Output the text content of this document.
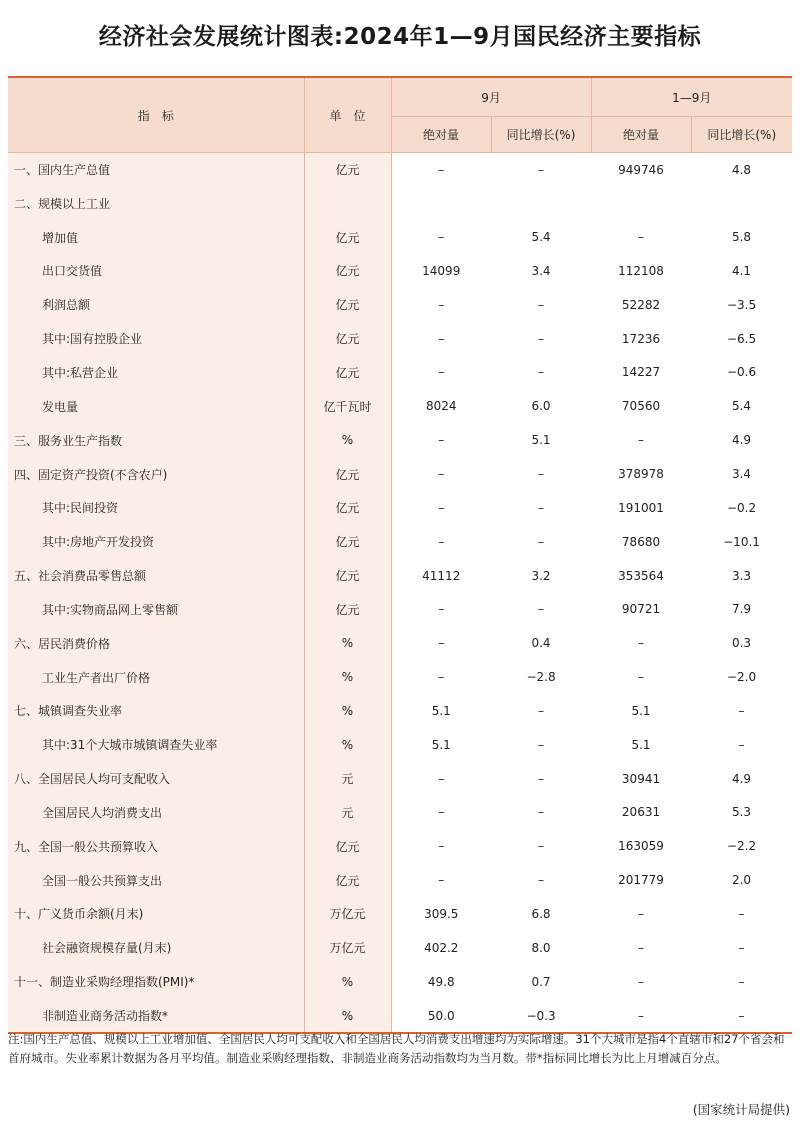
经济社会发展统计图表:2024年1—9月国民经济主要指标
指　标	单　位	9月		1—9月	
		绝对量	同比增长(%)	绝对量	同比增长(%)
一、国内生产总值	亿元	–	–	949746	4.8
二、规模以上工业					
增加值	亿元	–	5.4	–	5.8
出口交货值	亿元	14099	3.4	112108	4.1
利润总额	亿元	–	–	52282	−3.5
其中:国有控股企业	亿元	–	–	17236	−6.5
其中:私营企业	亿元	–	–	14227	−0.6
发电量	亿千瓦时	8024	6.0	70560	5.4
三、服务业生产指数	%	–	5.1	–	4.9
四、固定资产投资(不含农户)	亿元	–	–	378978	3.4
其中:民间投资	亿元	–	–	191001	−0.2
其中:房地产开发投资	亿元	–	–	78680	−10.1
五、社会消费品零售总额	亿元	41112	3.2	353564	3.3
其中:实物商品网上零售额	亿元	–	–	90721	7.9
六、居民消费价格	%	–	0.4	–	0.3
工业生产者出厂价格	%	–	−2.8	–	−2.0
七、城镇调查失业率	%	5.1	–	5.1	–
其中:31个大城市城镇调查失业率	%	5.1	–	5.1	–
八、全国居民人均可支配收入	元	–	–	30941	4.9
全国居民人均消费支出	元	–	–	20631	5.3
九、全国一般公共预算收入	亿元	–	–	163059	−2.2
全国一般公共预算支出	亿元	–	–	201779	2.0
十、广义货币余额(月末)	万亿元	309.5	6.8	–	–
社会融资规模存量(月末)	万亿元	402.2	8.0	–	–
十一、制造业采购经理指数(PMI)*	%	49.8	0.7	–	–
非制造业商务活动指数*	%	50.0	−0.3	–	–
注:国内生产总值、规模以上工业增加值、全国居民人均可支配收入和全国居民人均消费支出增速均为实际增速。31个大城市是指4个直辖市和27个省会和首府城市。失业率累计数据为各月平均值。制造业采购经理指数、非制造业商务活动指数均为当月数。带*指标同比增长为比上月增减百分点。
(国家统计局提供)
